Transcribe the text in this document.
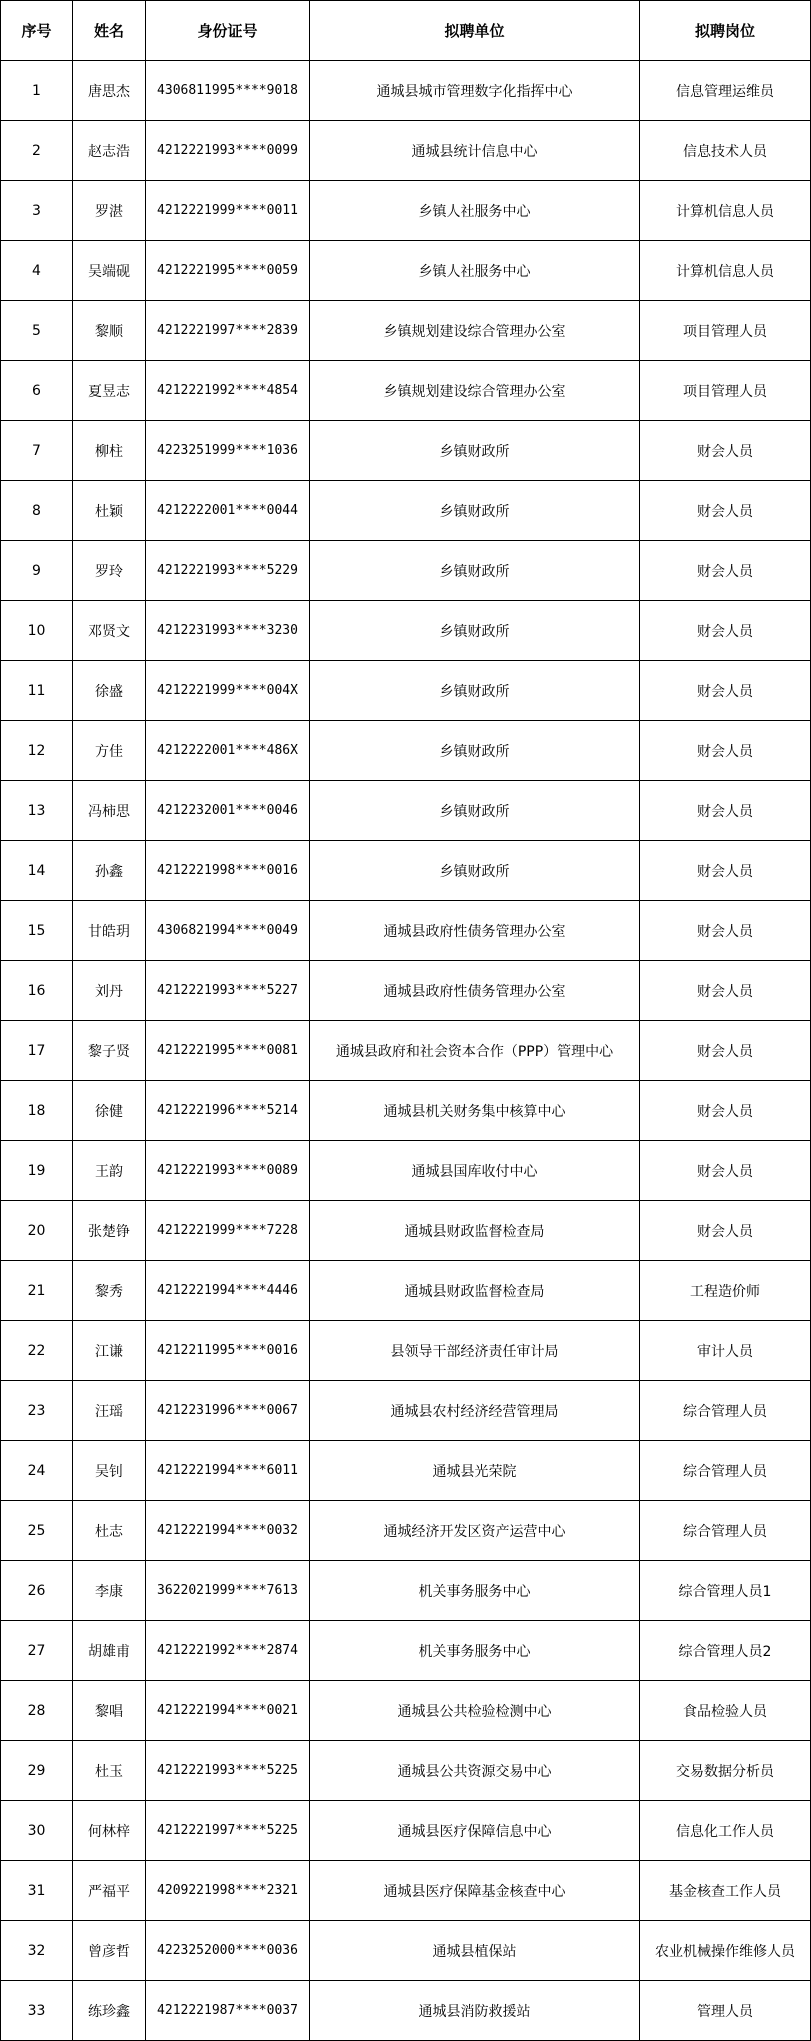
序号	姓名	身份证号	拟聘单位	拟聘岗位
1	唐思杰	4306811995****9018	通城县城市管理数字化指挥中心	信息管理运维员
2	赵志浩	4212221993****0099	通城县统计信息中心	信息技术人员
3	罗湛	4212221999****0011	乡镇人社服务中心	计算机信息人员
4	吴端砚	4212221995****0059	乡镇人社服务中心	计算机信息人员
5	黎顺	4212221997****2839	乡镇规划建设综合管理办公室	项目管理人员
6	夏昱志	4212221992****4854	乡镇规划建设综合管理办公室	项目管理人员
7	柳柱	4223251999****1036	乡镇财政所	财会人员
8	杜颖	4212222001****0044	乡镇财政所	财会人员
9	罗玲	4212221993****5229	乡镇财政所	财会人员
10	邓贤文	4212231993****3230	乡镇财政所	财会人员
11	徐盛	4212221999****004X	乡镇财政所	财会人员
12	方佳	4212222001****486X	乡镇财政所	财会人员
13	冯柿思	4212232001****0046	乡镇财政所	财会人员
14	孙鑫	4212221998****0016	乡镇财政所	财会人员
15	甘皓玥	4306821994****0049	通城县政府性债务管理办公室	财会人员
16	刘丹	4212221993****5227	通城县政府性债务管理办公室	财会人员
17	黎子贤	4212221995****0081	通城县政府和社会资本合作（PPP）管理中心	财会人员
18	徐健	4212221996****5214	通城县机关财务集中核算中心	财会人员
19	王韵	4212221993****0089	通城县国库收付中心	财会人员
20	张楚铮	4212221999****7228	通城县财政监督检查局	财会人员
21	黎秀	4212221994****4446	通城县财政监督检查局	工程造价师
22	江谦	4212211995****0016	县领导干部经济责任审计局	审计人员
23	汪瑶	4212231996****0067	通城县农村经济经营管理局	综合管理人员
24	吴钊	4212221994****6011	通城县光荣院	综合管理人员
25	杜志	4212221994****0032	通城经济开发区资产运营中心	综合管理人员
26	李康	3622021999****7613	机关事务服务中心	综合管理人员1
27	胡雄甫	4212221992****2874	机关事务服务中心	综合管理人员2
28	黎唱	4212221994****0021	通城县公共检验检测中心	食品检验人员
29	杜玉	4212221993****5225	通城县公共资源交易中心	交易数据分析员
30	何林梓	4212221997****5225	通城县医疗保障信息中心	信息化工作人员
31	严福平	4209221998****2321	通城县医疗保障基金核查中心	基金核查工作人员
32	曾彦哲	4223252000****0036	通城县植保站	农业机械操作维修人员
33	练珍鑫	4212221987****0037	通城县消防救援站	管理人员
